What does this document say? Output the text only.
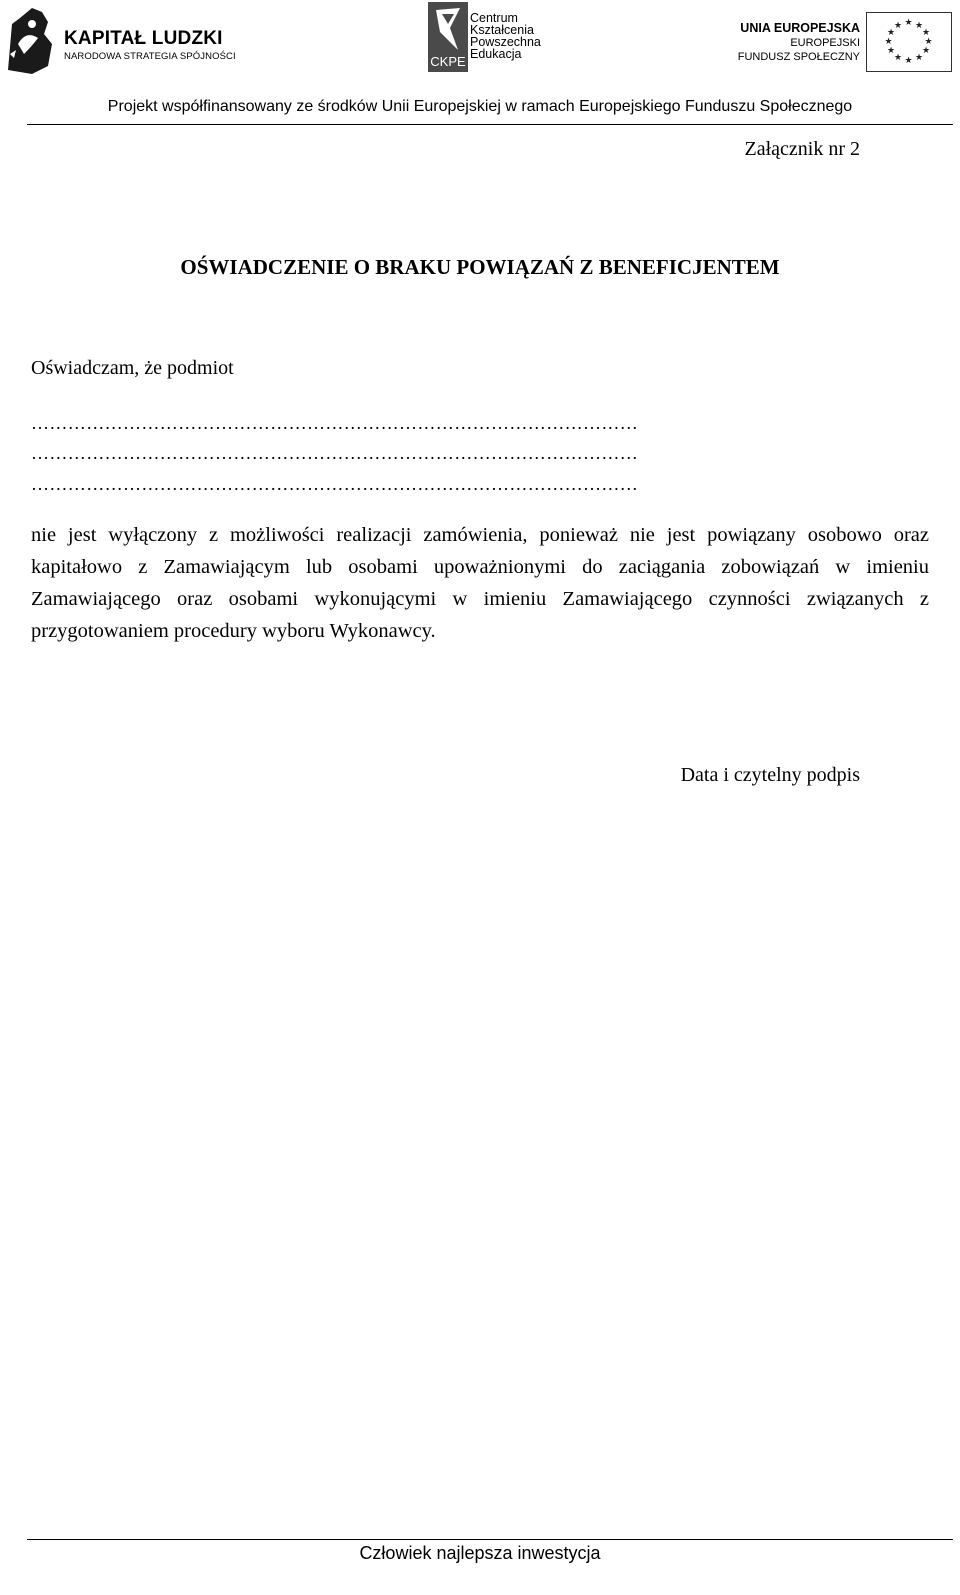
KAPITAŁ LUDZKI
NARODOWA STRATEGIA SPÓJNOŚCI	CKPE
Centrum
Kształcenia
Powszechna
Edukacja
UNIA EUROPEJSKA
EUROPEJSKI
FUNDUSZ SPOŁECZNY
★ ★
★
★
★
★
★
★
★
★
★
★
Projekt współfinansowany ze środków Unii Europejskiej w ramach Europejskiego Funduszu Społecznego
Załącznik nr 2
OŚWIADCZENIE O BRAKU POWIĄZAŃ Z BENEFICJENTEM
Oświadczam, że podmiot
………………………………………………………………………………………
………………………………………………………………………………………
………………………………………………………………………………………
nie jest wyłączony z możliwości realizacji zamówienia, ponieważ nie jest powiązany osobowo oraz kapitałowo z Zamawiającym lub osobami upoważnionymi do zaciągania zobowiązań w imieniu Zamawiającego oraz osobami wykonującymi w imieniu Zamawiającego czynności związanych z przygotowaniem procedury wyboru Wykonawcy.
Data i czytelny podpis
Człowiek najlepsza inwestycja
